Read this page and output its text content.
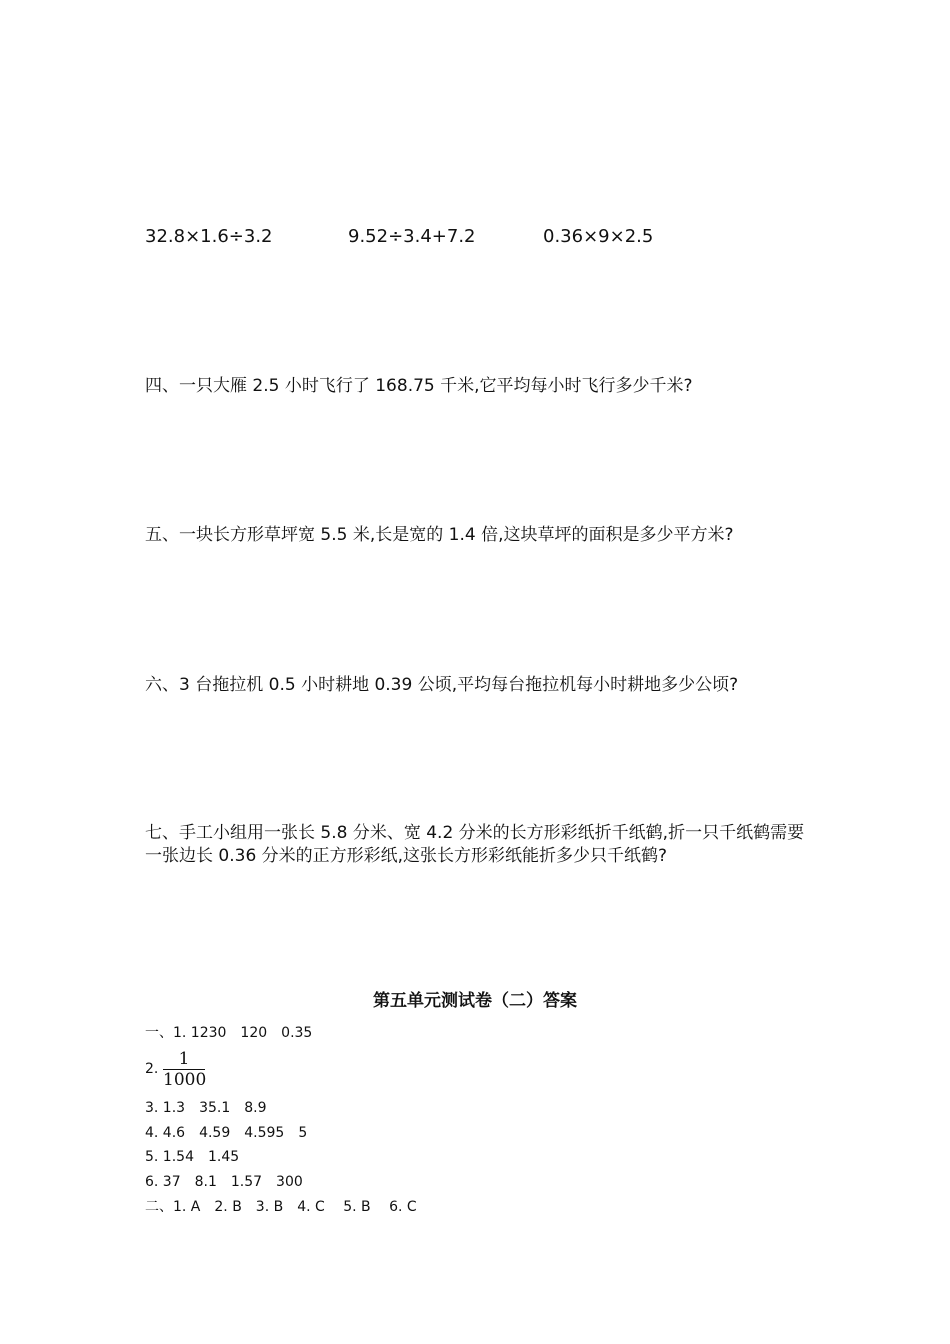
32.8×1.6÷3.2	9.52÷3.4+7.2	0.36×9×2.5
四、一只大雁 2.5 小时飞行了 168.75 千米,它平均每小时飞行多少千米?
五、一块长方形草坪宽 5.5 米,长是宽的 1.4 倍,这块草坪的面积是多少平方米?
六、3 台拖拉机 0.5 小时耕地 0.39 公顷,平均每台拖拉机每小时耕地多少公顷?
七、手工小组用一张长 5.8 分米、宽 4.2 分米的长方形彩纸折千纸鹤,折一只千纸鹤需要一张边长 0.36 分米的正方形彩纸,这张长方形彩纸能折多少只千纸鹤?
第五单元测试卷（二）答案
一、1. 1230　120　0.35
2.	1
1000
3. 1.3　35.1　8.9
4. 4.6　4.59　4.595　5
5. 1.54　1.45
6. 37　8.1　1.57　300
二、1. A　2. B　3. B　4. C　 5. B　 6. C
